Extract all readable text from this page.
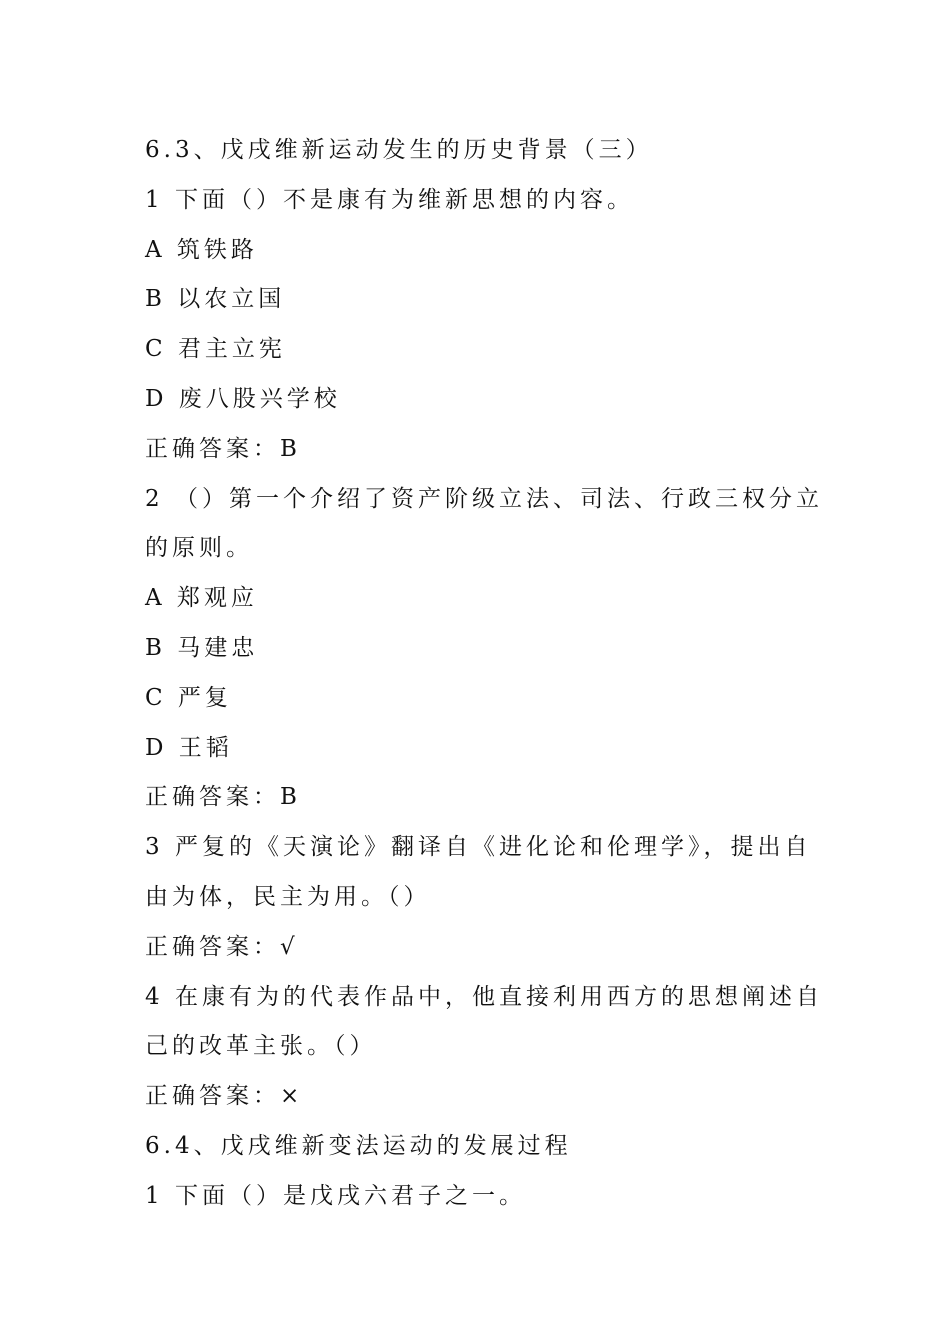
6.3、戊戌维新运动发生的历史背景（三）
1 下面（）不是康有为维新思想的内容。
A 筑铁路
B 以农立国
C 君主立宪
D 废八股兴学校
正确答案：B
2 （）第一个介绍了资产阶级立法、司法、行政三权分立
的原则。
A 郑观应
B 马建忠
C 严复
D 王韬
正确答案：B
3 严复的《天演论》翻译自《进化论和伦理学》，提出自
由为体，民主为用。（）
正确答案：√
4 在康有为的代表作品中，他直接利用西方的思想阐述自
己的改革主张。（）
正确答案：×
6.4、戊戌维新变法运动的发展过程
1 下面（）是戊戌六君子之一。
